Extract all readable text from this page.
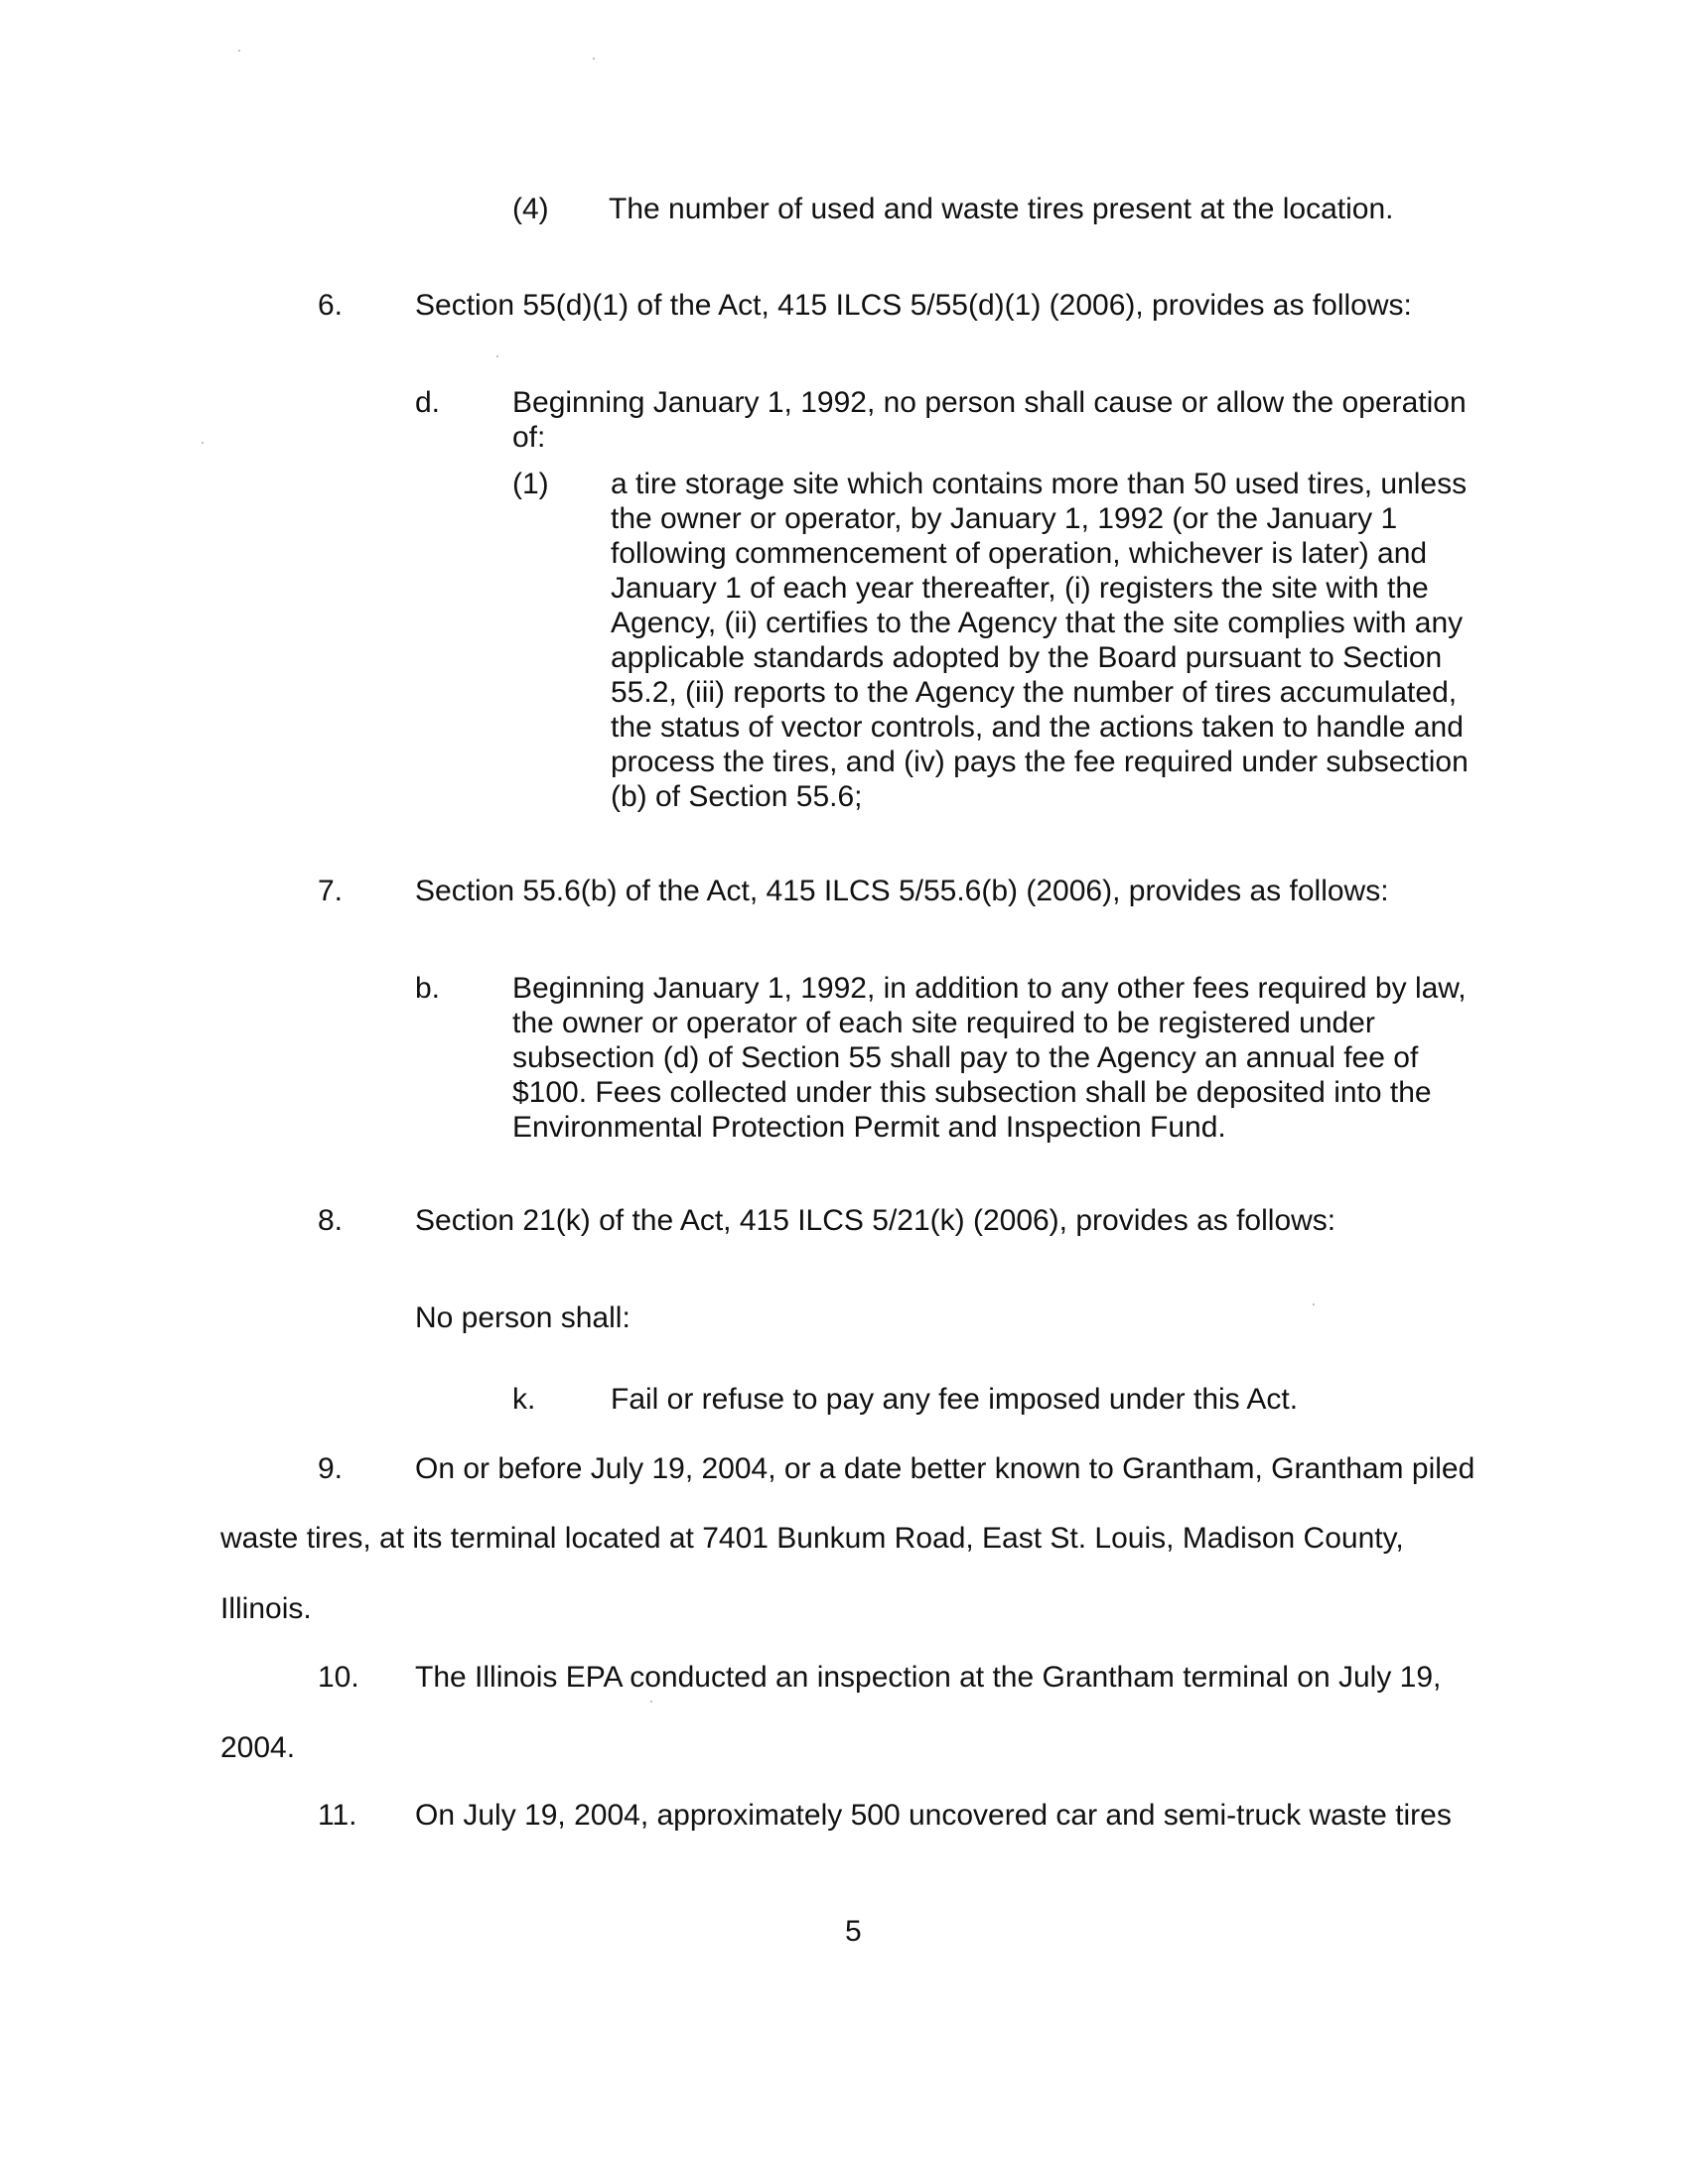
(4) The number of used and waste tires present at the location.
6. Section 55(d)(1) of the Act, 415 ILCS 5/55(d)(1) (2006), provides as follows:
d. Beginning January 1, 1992, no person shall cause or allow the operation
of:
(1) a tire storage site which contains more than 50 used tires, unless
the owner or operator, by January 1, 1992 (or the January 1
following commencement of operation, whichever is later) and
January 1 of each year thereafter, (i) registers the site with the
Agency, (ii) certifies to the Agency that the site complies with any
applicable standards adopted by the Board pursuant to Section
55.2, (iii) reports to the Agency the number of tires accumulated,
the status of vector controls, and the actions taken to handle and
process the tires, and (iv) pays the fee required under subsection
(b) of Section 55.6;
7. Section 55.6(b) of the Act, 415 ILCS 5/55.6(b) (2006), provides as follows:
b. Beginning January 1, 1992, in addition to any other fees required by law,
the owner or operator of each site required to be registered under
subsection (d) of Section 55 shall pay to the Agency an annual fee of
$100. Fees collected under this subsection shall be deposited into the
Environmental Protection Permit and Inspection Fund.
8. Section 21(k) of the Act, 415 ILCS 5/21(k) (2006), provides as follows:
No person shall:
k.	Fail or refuse to pay any fee imposed under this Act.
9. On or before July 19, 2004, or a date better known to Grantham, Grantham piled
waste tires, at its terminal located at 7401 Bunkum Road, East St. Louis, Madison County,
Illinois.
10. The Illinois EPA conducted an inspection at the Grantham terminal on July 19,
2004.
11. On July 19, 2004, approximately 500 uncovered car and semi-truck waste tires
5
